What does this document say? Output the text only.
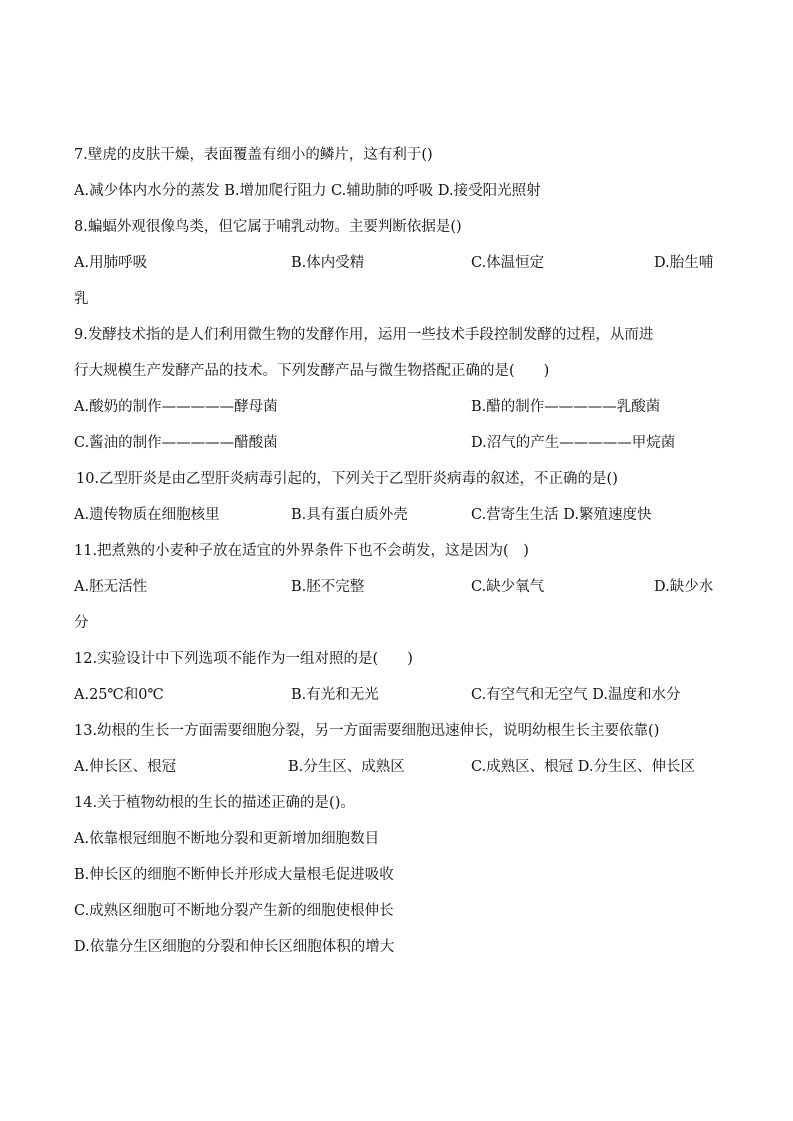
7.壁虎的皮肤干燥，表面覆盖有细小的鳞片，这有利于()
A.减少体内水分的蒸发 B.增加爬行阻力 C.辅助肺的呼吸 D.接受阳光照射
8.蝙蝠外观很像鸟类，但它属于哺乳动物。主要判断依据是()
A.用肺呼吸	B.体内受精	C.体温恒定	D.胎生哺
乳
9.发酵技术指的是人们利用微生物的发酵作用，运用一些技术手段控制发酵的过程，从而进
行大规模生产发酵产品的技术。下列发酵产品与微生物搭配正确的是(　　)
A.酸奶的制作—————酵母菌	B.醋的制作—————乳酸菌
C.酱油的制作—————醋酸菌	D.沼气的产生—————甲烷菌
10.乙型肝炎是由乙型肝炎病毒引起的，下列关于乙型肝炎病毒的叙述，不正确的是()
A.遗传物质在细胞核里	B.具有蛋白质外壳	C.营寄生生活 D.繁殖速度快
11.把煮熟的小麦种子放在适宜的外界条件下也不会萌发，这是因为(　)
A.胚无活性	B.胚不完整	C.缺少氧气	D.缺少水
分
12.实验设计中下列选项不能作为一组对照的是(　　)
A.25℃和0℃	B.有光和无光	C.有空气和无空气 D.温度和水分
13.幼根的生长一方面需要细胞分裂，另一方面需要细胞迅速伸长，说明幼根生长主要依靠()
A.伸长区、根冠	B.分生区、成熟区	C.成熟区、根冠 D.分生区、伸长区
14.关于植物幼根的生长的描述正确的是()。
A.依靠根冠细胞不断地分裂和更新增加细胞数目
B.伸长区的细胞不断伸长并形成大量根毛促进吸收
C.成熟区细胞可不断地分裂产生新的细胞使根伸长
D.依靠分生区细胞的分裂和伸长区细胞体积的增大
